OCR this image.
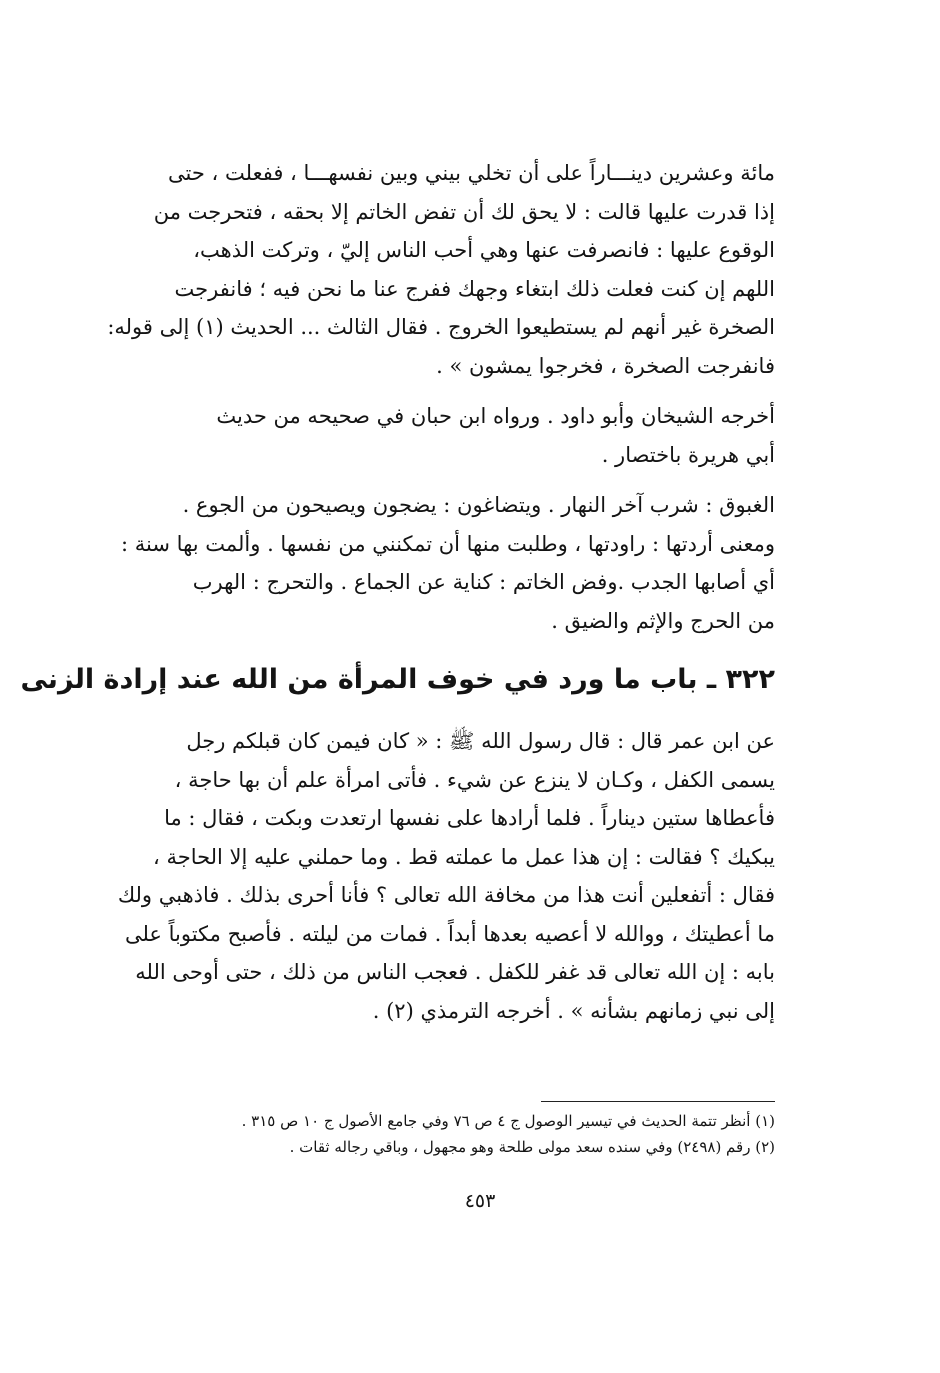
مائة وعشرين دينـــاراً على أن تخلي بيني وبين نفسهـــا ، ففعلت ، حتى
إذا قدرت عليها قالت : لا يحق لك أن تفض الخاتم إلا بحقه ، فتحرجت من
الوقوع عليها : فانصرفت عنها وهي أحب الناس إليّ ، وتركت الذهب،
اللهم إن كنت فعلت ذلك ابتغاء وجهك ففرج عنا ما نحن فيه ؛ فانفرجت
الصخرة غير أنهم لم يستطيعوا الخروج . فقال الثالث ... الحديث (١) إلى قوله:
فانفرجت الصخرة ، فخرجوا يمشون » .

أخرجه الشيخان وأبو داود . ورواه ابن حبان في صحيحه من حديث
أبي هريرة باختصار .

الغبوق : شرب آخر النهار . ويتضاغون : يضجون ويصيحون من الجوع .
ومعنى أردتها : راودتها ، وطلبت منها أن تمكنني من نفسها . وألمت بها سنة :
أي أصابها الجدب .وفض الخاتم : كناية عن الجماع . والتحرج : الهرب
من الحرج والإثم والضيق .

٣٢٢ ـ باب ما ورد في خوف المرأة من الله عند إرادة الزنى

عن ابن عمر قال : قال رسول الله ﷺ : « كان فيمن كان قبلكم رجل
يسمى الكفل ، وكـان لا ينزع عن شيء . فأتى امرأة علم أن بها حاجة ،
فأعطاها ستين ديناراً . فلما أرادها على نفسها ارتعدت وبكت ، فقال : ما
يبكيك ؟ فقالت : إن هذا عمل ما عملته قط . وما حملني عليه إلا الحاجة ،
فقال : أتفعلين أنت هذا من مخافة الله تعالى ؟ فأنا أحرى بذلك . فاذهبي ولك
ما أعطيتك ، ووالله لا أعصيه بعدها أبداً . فمات من ليلته . فأصبح مكتوباً على
بابه : إن الله تعالى قد غفر للكفل . فعجب الناس من ذلك ، حتى أوحى الله
إلى نبي زمانهم بشأنه » . أخرجه الترمذي (٢) .

(١) أنظر تتمة الحديث في تيسير الوصول ج ٤ ص ٧٦ وفي جامع الأصول ج ١٠ ص ٣١٥ .
(٢) رقم (٢٤٩٨) وفي سنده سعد مولى طلحة وهو مجهول ، وباقي رجاله ثقات .
٤٥٣
